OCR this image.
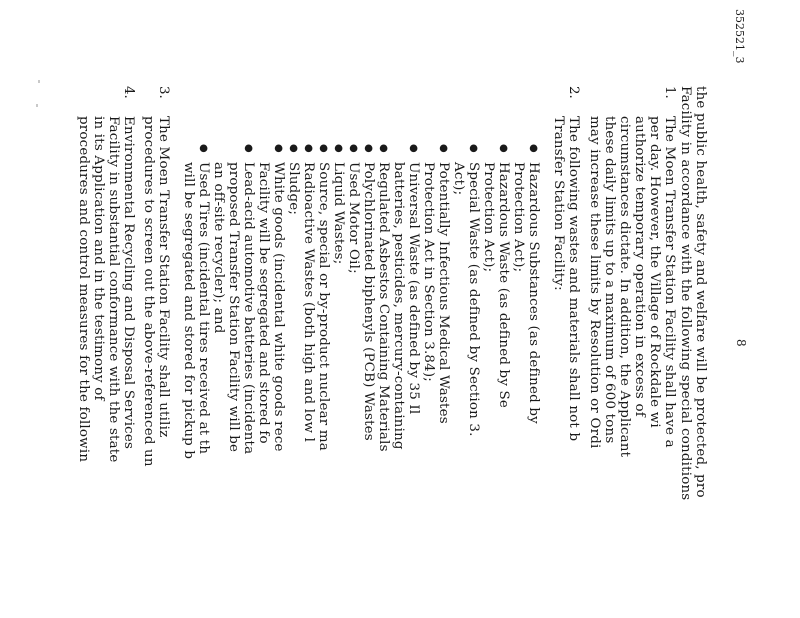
the public health, safety and welfare will be protected, pro
Facility in accordance with the following special conditions
1.
The Moen Transfer Station Facility shall have a
per day. However, the Village of Rockdale wi
authorize temporary operation in excess of
circumstances dictate. In addition, the Applicant
these daily limits up to a maximum of 600 tons
may increase these limits by Resolution or Ordi
2.
The following wastes and materials shall not b
Transfer Station Facility:
●
Hazardous Substances (as defined by
Protection Act);
●
Hazardous Waste (as defined by Se
Protection Act);
●
Special Waste (as defined by Section 3.
Act);
●
Potentially Infectious Medical Wastes
Protection Act in Section 3.84);
●
Universal Waste (as defined by 35 Il
batteries, pesticides, mercury-containing
●
Regulated Asbestos Containing Materials
●
Polychlorinated biphenyls (PCB) Wastes
●
Used Motor Oil;
●
Liquid Wastes;
●
Source, special or by-product nuclear ma
●
Radioactive Wastes (both high and low l
●
Sludge;
●
White goods (incidental white goods rece
Facility will be segregated and stored fo
●
Lead-acid automotive batteries (incidenta
proposed Transfer Station Facility will be
an off-site recycler); and
●
Used Tires (incidental tires received at th
will be segregated and stored for pickup b
3.
The Moen Transfer Station Facility shall utiliz
procedures to screen out the above-referenced un
4.
Environmental Recycling and Disposal Services
Facility in substantial conformance with the state
in its Application and in the testimony of
procedures and control measures for the followin
352521_3
8
